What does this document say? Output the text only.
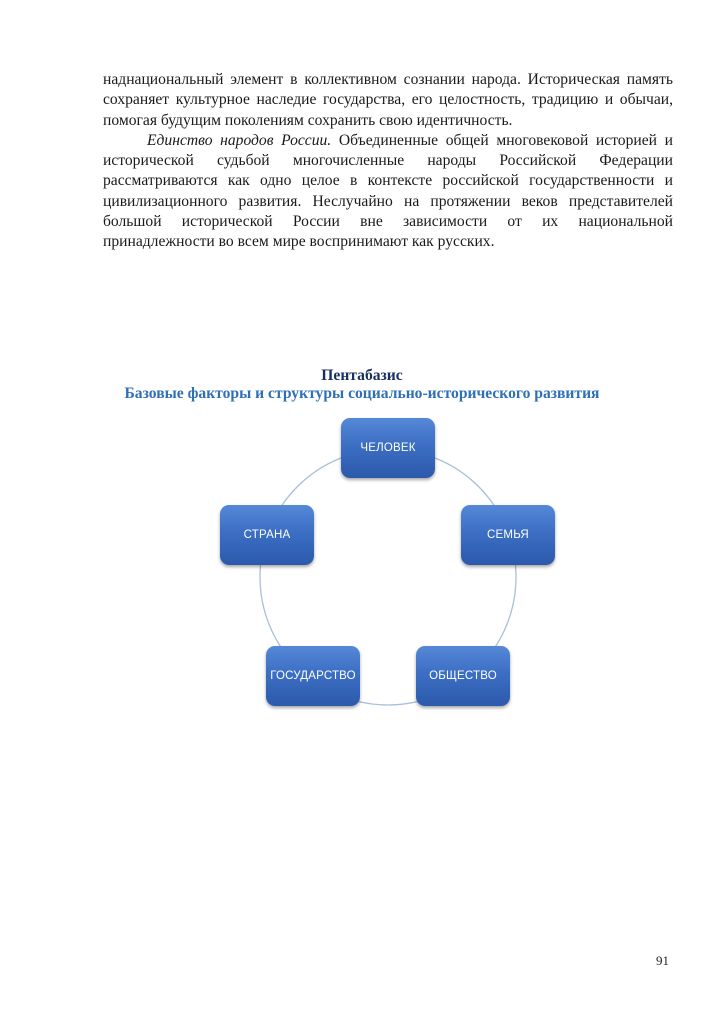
наднациональный элемент в коллективном сознании народа. Историческая память сохраняет культурное наследие государства, его целостность, традицию и обычаи, помогая будущим поколениям сохранить свою идентичность.

Единство народов России. Объединенные общей многовековой историей и исторической судьбой многочисленные народы Российской Федерации рассматриваются как одно целое в контексте российской государственности и цивилизационного развития. Неслучайно на протяжении веков представителей большой исторической России вне зависимости от их национальной принадлежности во всем мире воспринимают как русских.

Пентабазис
Базовые факторы и структуры социально-исторического развития
ЧЕЛОВЕК
СЕМЬЯ
ОБЩЕСТВО
ГОСУДАРСТВО
СТРАНА
91
